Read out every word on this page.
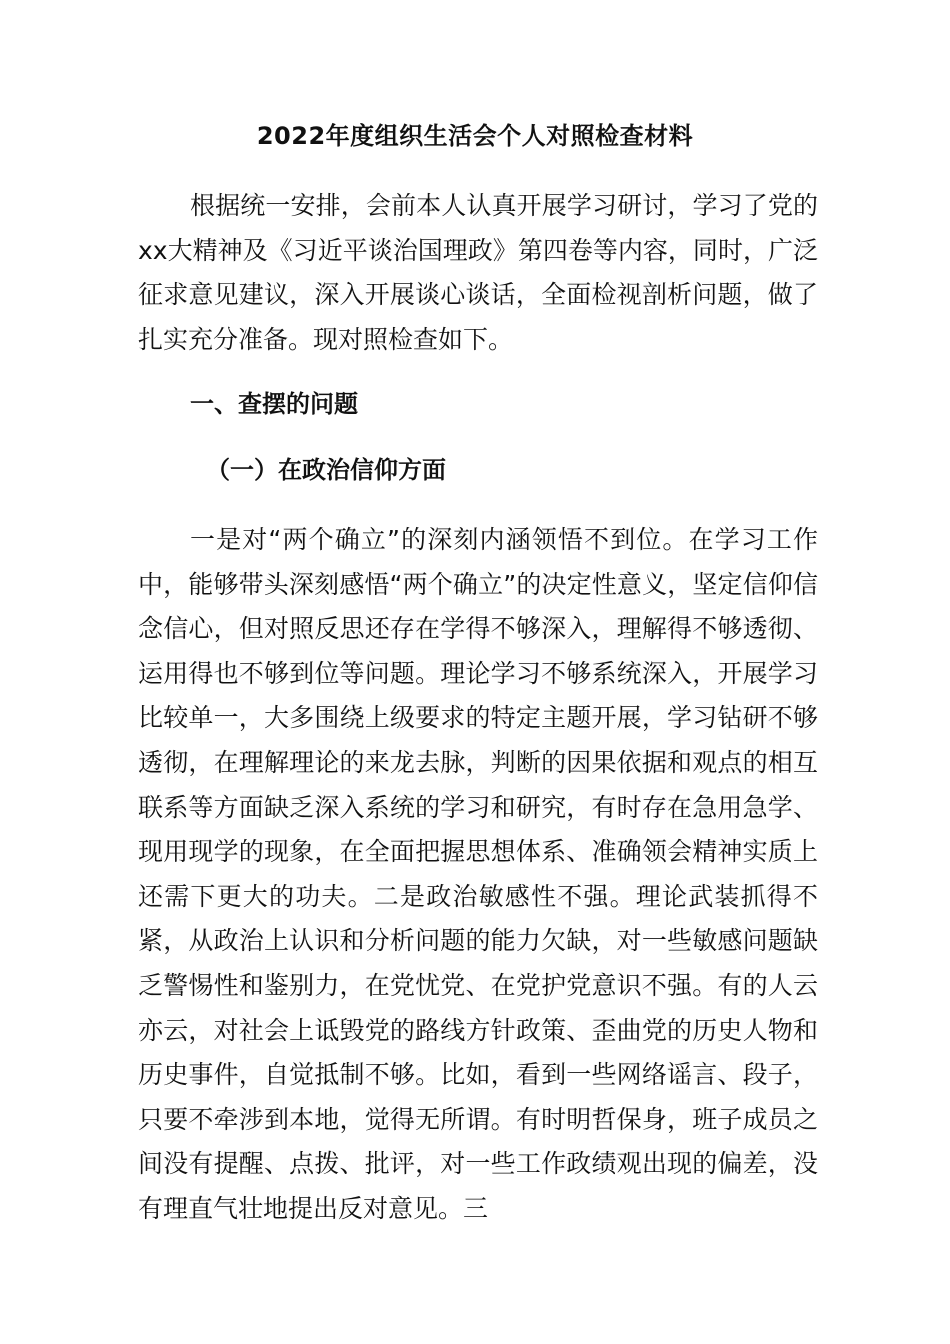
2022年度组织生活会个人对照检查材料

根据统一安排，会前本人认真开展学习研讨，学习了党的xx大精神及《习近平谈治国理政》第四卷等内容，同时，广泛征求意见建议，深入开展谈心谈话，全面检视剖析问题，做了扎实充分准备。现对照检查如下。

一、查摆的问题
（一）在政治信仰方面

一是对“两个确立”的深刻内涵领悟不到位。在学习工作中，能够带头深刻感悟“两个确立”的决定性意义，坚定信仰信念信心，但对照反思还存在学得不够深入，理解得不够透彻、运用得也不够到位等问题。理论学习不够系统深入，开展学习比较单一，大多围绕上级要求的特定主题开展，学习钻研不够透彻，在理解理论的来龙去脉，判断的因果依据和观点的相互联系等方面缺乏深入系统的学习和研究，有时存在急用急学、现用现学的现象，在全面把握思想体系、准确领会精神实质上还需下更大的功夫。二是政治敏感性不强。理论武装抓得不紧，从政治上认识和分析问题的能力欠缺，对一些敏感问题缺乏警惕性和鉴别力，在党忧党、在党护党意识不强。有的人云亦云，对社会上诋毁党的路线方针政策、歪曲党的历史人物和历史事件，自觉抵制不够。比如，看到一些网络谣言、段子，只要不牵涉到本地，觉得无所谓。有时明哲保身，班子成员之间没有提醒、点拨、批评，对一些工作政绩观出现的偏差，没有理直气壮地提出反对意见。三
